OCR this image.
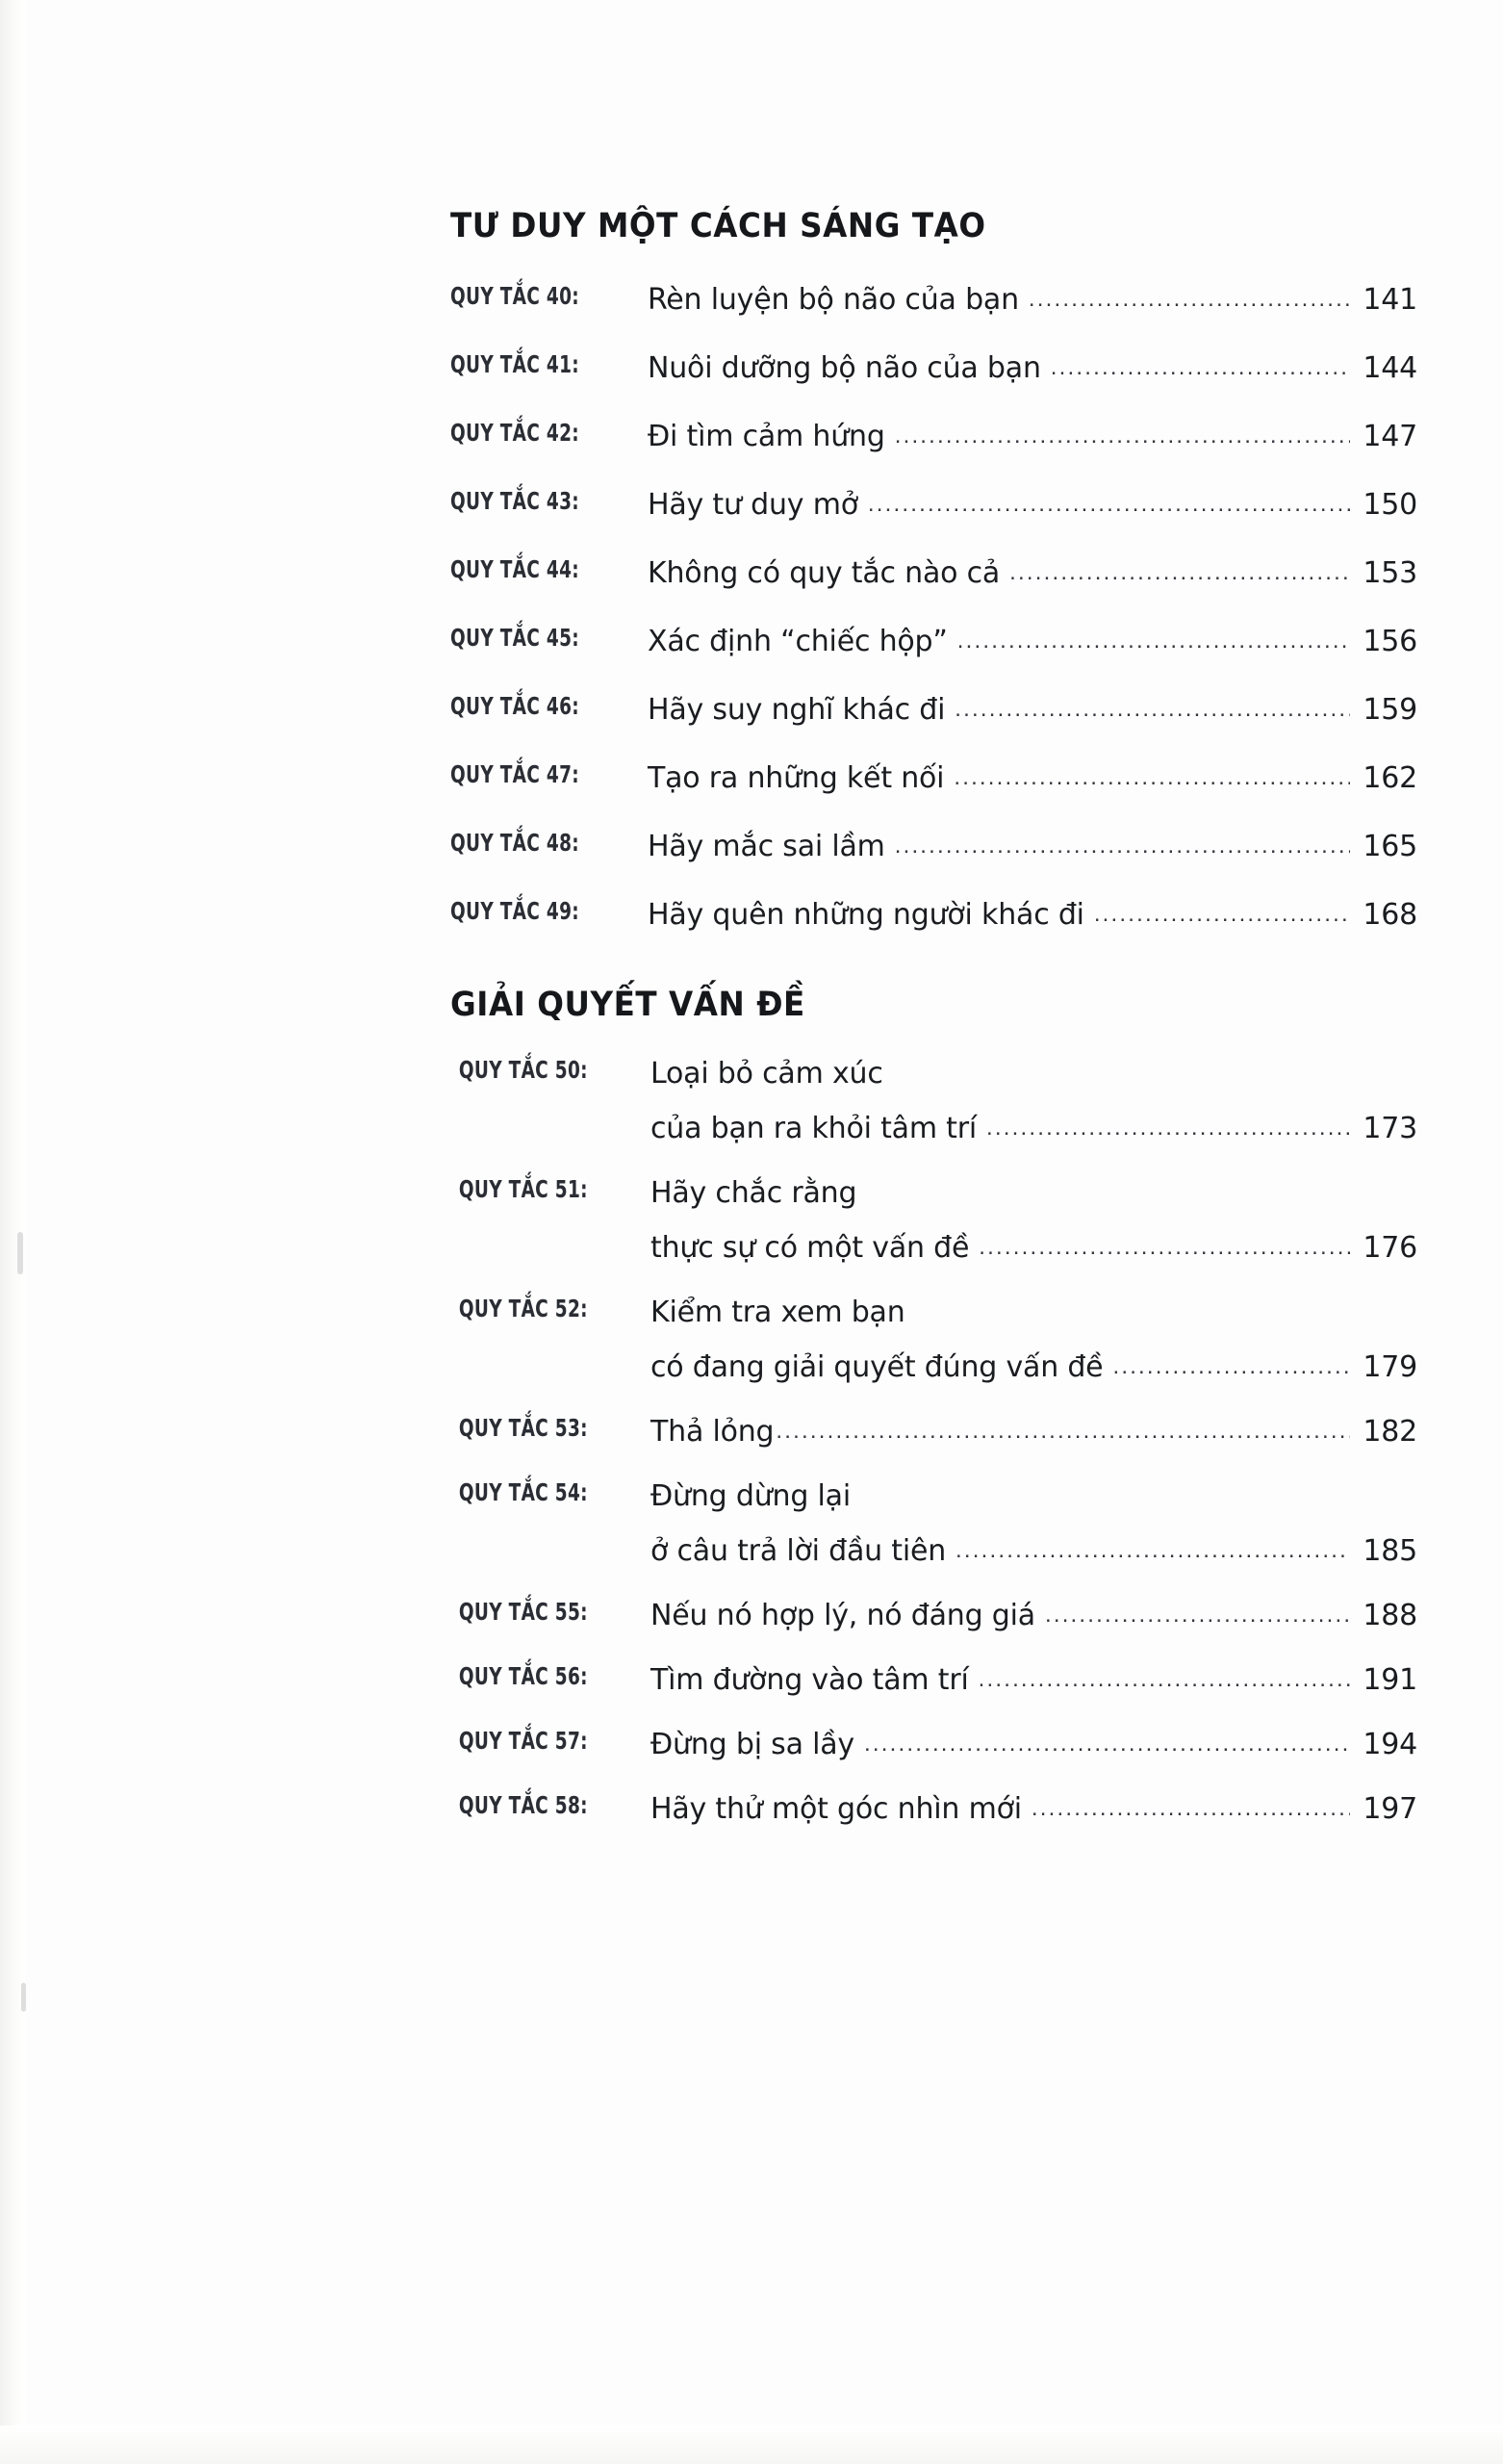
TƯ DUY MỘT CÁCH SÁNG TẠO
QUY TẮC 40:	Rèn luyện bộ não của bạn .....	141
QUY TẮC 41:	Nuôi dưỡng bộ não của bạn .....	144
QUY TẮC 42:	Đi tìm cảm hứng .....	147
QUY TẮC 43:	Hãy tư duy mở .....	150
QUY TẮC 44:	Không có quy tắc nào cả .....	153
QUY TẮC 45:	Xác định “chiếc hộp” .....	156
QUY TẮC 46:	Hãy suy nghĩ khác đi .....	159
QUY TẮC 47:	Tạo ra những kết nối .....	162
QUY TẮC 48:	Hãy mắc sai lầm .....	165
QUY TẮC 49:	Hãy quên những người khác đi .....	168
GIẢI QUYẾT VẤN ĐỀ
QUY TẮC 50:	Loại bỏ cảm xúc
của bạn ra khỏi tâm trí .....	173
QUY TẮC 51:	Hãy chắc rằng
thực sự có một vấn đề .....	176
QUY TẮC 52:	Kiểm tra xem bạn
có đang giải quyết đúng vấn đề .....	179
QUY TẮC 53:	Thả lỏng .....	182
QUY TẮC 54:	Đừng dừng lại
ở câu trả lời đầu tiên .....	185
QUY TẮC 55:	Nếu nó hợp lý, nó đáng giá .....	188
QUY TẮC 56:	Tìm đường vào tâm trí .....	191
QUY TẮC 57:	Đừng bị sa lầy .....	194
QUY TẮC 58:	Hãy thử một góc nhìn mới .....	197
